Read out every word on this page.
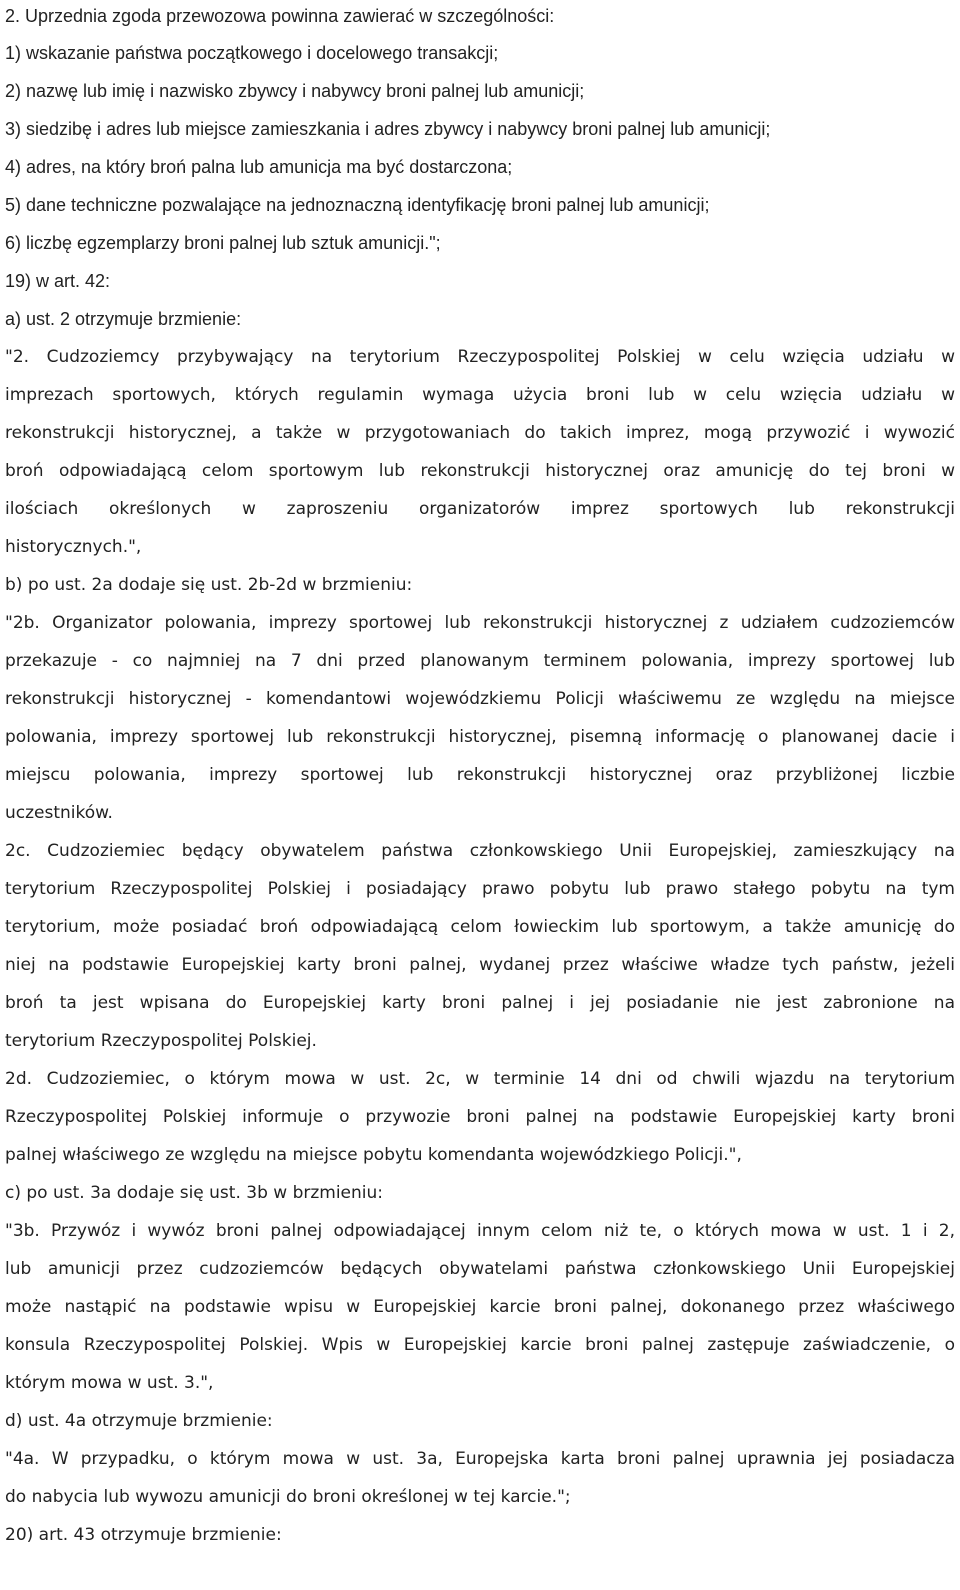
2. Uprzednia zgoda przewozowa powinna zawierać w szczególności:
1) wskazanie państwa początkowego i docelowego transakcji;
2) nazwę lub imię i nazwisko zbywcy i nabywcy broni palnej lub amunicji;
3) siedzibę i adres lub miejsce zamieszkania i adres zbywcy i nabywcy broni palnej lub amunicji;
4) adres, na który broń palna lub amunicja ma być dostarczona;
5) dane techniczne pozwalające na jednoznaczną identyfikację broni palnej lub amunicji;
6) liczbę egzemplarzy broni palnej lub sztuk amunicji.";
19) w art. 42:
a) ust. 2 otrzymuje brzmienie:
"2. Cudzoziemcy przybywający na terytorium Rzeczypospolitej Polskiej w celu wzięcia udziału w
imprezach sportowych, których regulamin wymaga użycia broni lub w celu wzięcia udziału w
rekonstrukcji historycznej, a także w przygotowaniach do takich imprez, mogą przywozić i wywozić
broń odpowiadającą celom sportowym lub rekonstrukcji historycznej oraz amunicję do tej broni w
ilościach określonych w zaproszeniu organizatorów imprez sportowych lub rekonstrukcji
historycznych.",
b) po ust. 2a dodaje się ust. 2b-2d w brzmieniu:
"2b. Organizator polowania, imprezy sportowej lub rekonstrukcji historycznej z udziałem cudzoziemców
przekazuje - co najmniej na 7 dni przed planowanym terminem polowania, imprezy sportowej lub
rekonstrukcji historycznej - komendantowi wojewódzkiemu Policji właściwemu ze względu na miejsce
polowania, imprezy sportowej lub rekonstrukcji historycznej, pisemną informację o planowanej dacie i
miejscu polowania, imprezy sportowej lub rekonstrukcji historycznej oraz przybliżonej liczbie
uczestników.
2c. Cudzoziemiec będący obywatelem państwa członkowskiego Unii Europejskiej, zamieszkujący na
terytorium Rzeczypospolitej Polskiej i posiadający prawo pobytu lub prawo stałego pobytu na tym
terytorium, może posiadać broń odpowiadającą celom łowieckim lub sportowym, a także amunicję do
niej na podstawie Europejskiej karty broni palnej, wydanej przez właściwe władze tych państw, jeżeli
broń ta jest wpisana do Europejskiej karty broni palnej i jej posiadanie nie jest zabronione na
terytorium Rzeczypospolitej Polskiej.
2d. Cudzoziemiec, o którym mowa w ust. 2c, w terminie 14 dni od chwili wjazdu na terytorium
Rzeczypospolitej Polskiej informuje o przywozie broni palnej na podstawie Europejskiej karty broni
palnej właściwego ze względu na miejsce pobytu komendanta wojewódzkiego Policji.",
c) po ust. 3a dodaje się ust. 3b w brzmieniu:
"3b. Przywóz i wywóz broni palnej odpowiadającej innym celom niż te, o których mowa w ust. 1 i 2,
lub amunicji przez cudzoziemców będących obywatelami państwa członkowskiego Unii Europejskiej
może nastąpić na podstawie wpisu w Europejskiej karcie broni palnej, dokonanego przez właściwego
konsula Rzeczypospolitej Polskiej. Wpis w Europejskiej karcie broni palnej zastępuje zaświadczenie, o
którym mowa w ust. 3.",
d) ust. 4a otrzymuje brzmienie:
"4a. W przypadku, o którym mowa w ust. 3a, Europejska karta broni palnej uprawnia jej posiadacza
do nabycia lub wywozu amunicji do broni określonej w tej karcie.";
20) art. 43 otrzymuje brzmienie:
